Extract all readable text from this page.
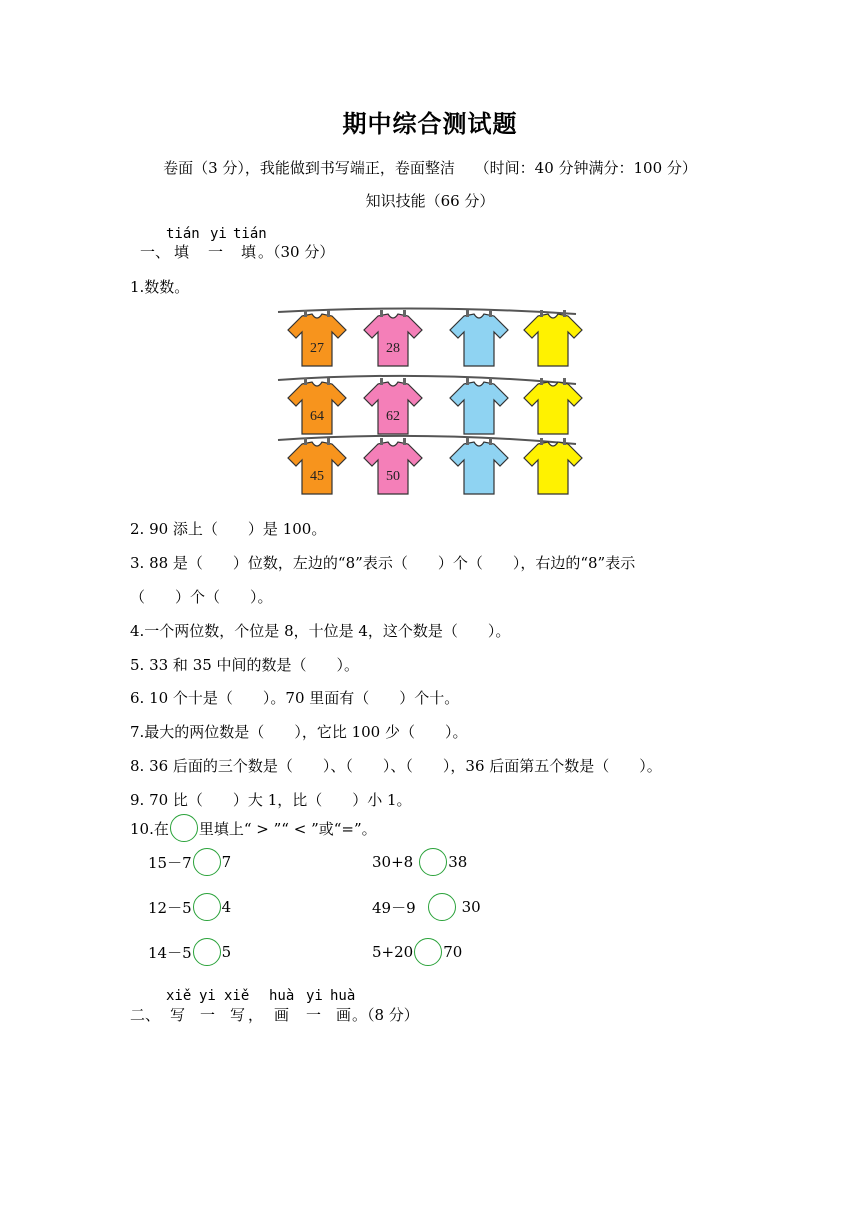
期中综合测试题
卷面（3 分），我能做到书写端正，卷面整洁　 （时间：40 分钟满分：100 分）
知识技能（66 分）
tián yi tián
一、 填 一 填 。（30 分）
1.数数。
27	28
64	62
45	50
2. 90 添上（　　）是 100。
3. 88 是（　　）位数，左边的“8”表示（　　）个（　　），右边的“8”表示
（　　）个（　　）。
4.一个两位数，个位是 8，十位是 4，这个数是（　　）。
5. 33 和 35 中间的数是（　　）。
6. 10 个十是（　　）。70 里面有（　　）个十。
7.最大的两位数是（　　），它比 100 少（　　）。
8. 36 后面的三个数是（　　）、（　　）、（　　），36 后面第五个数是（　　）。
9. 70 比（　　）大 1，比（　　）小 1。
10.在 里填上“ > ”“ < ”或“=”。
15－7 7	30+8 38
12－5 4	49－9	30
14－5 5	5+20 70
xiě yi xiě huà yi huà
二、 写 一 写 ， 画 一 画 。（8 分）
